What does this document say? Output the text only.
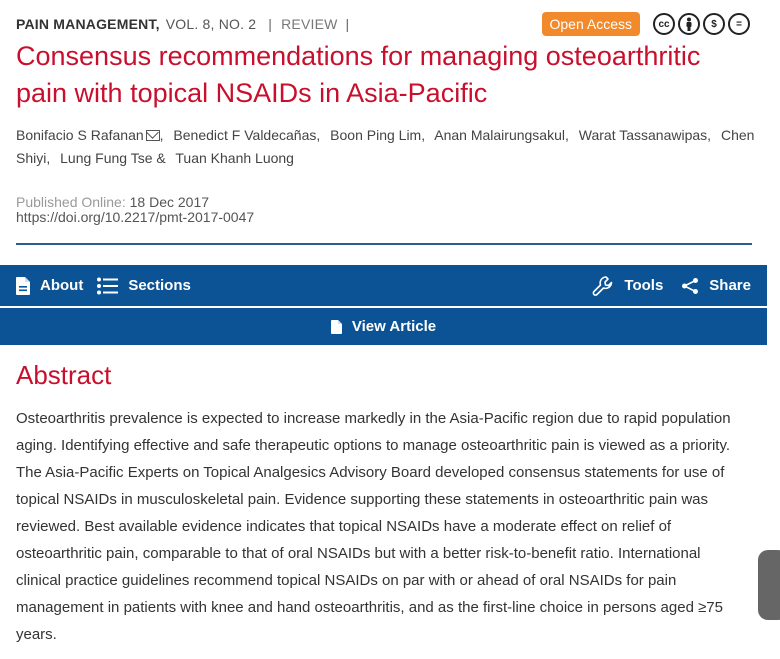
PAIN MANAGEMENT, VOL. 8, NO. 2 | REVIEW |	Open Access	cc	$	=
Consensus recommendations for managing osteoarthritic pain with topical NSAIDs in Asia-Pacific
Bonifacio S Rafanan , Benedict F Valdecañas, Boon Ping Lim, Anan Malairungsakul, Warat Tassanawipas, Chen Shiyi, Lung Fung Tse & Tuan Khanh Luong
Published Online: 18 Dec 2017
https://doi.org/10.2217/pmt-2017-0047
About	Sections	Tools	Share
View Article
Abstract

Osteoarthritis prevalence is expected to increase markedly in the Asia-Pacific region due to rapid population aging. Identifying effective and safe therapeutic options to manage osteoarthritic pain is viewed as a priority. The Asia-Pacific Experts on Topical Analgesics Advisory Board developed consensus statements for use of topical NSAIDs in musculoskeletal pain. Evidence supporting these statements in osteoarthritic pain was reviewed. Best available evidence indicates that topical NSAIDs have a moderate effect on relief of osteoarthritic pain, comparable to that of oral NSAIDs but with a better risk-to-benefit ratio. International clinical practice guidelines recommend topical NSAIDs on par with or ahead of oral NSAIDs for pain management in patients with knee and hand osteoarthritis, and as the first-line choice in persons aged ≥75 years.
